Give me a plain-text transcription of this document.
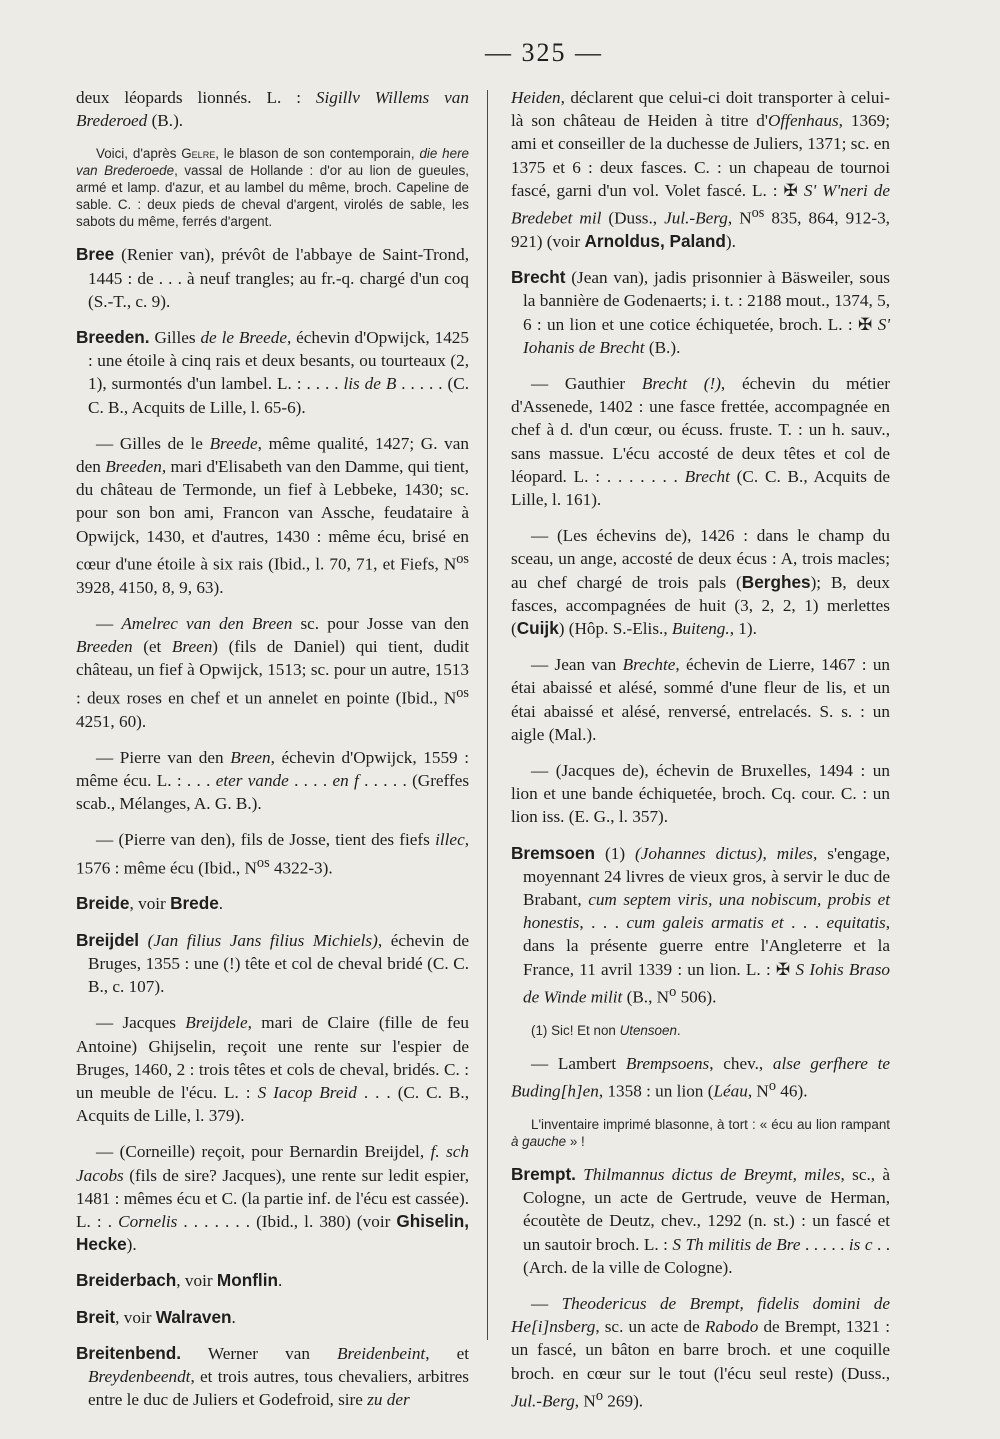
— 325 —

deux léopards lionnés. L. : Sigillv Willems van Brederoed (B.).

Voici, d'après Gelre, le blason de son contemporain, die here van Brederoede, vassal de Hollande : d'or au lion de gueules, armé et lamp. d'azur, et au lambel du même, broch. Capeline de sable. C. : deux pieds de cheval d'argent, virolés de sable, les sabots du même, ferrés d'argent.

Bree (Renier van), prévôt de l'abbaye de Saint-Trond, 1445 : de . . . à neuf trangles; au fr.-q. chargé d'un coq (S.-T., c. 9).

Breeden. Gilles de le Breede, échevin d'Opwijck, 1425 : une étoile à cinq rais et deux besants, ou tourteaux (2, 1), surmontés d'un lambel. L. : . . . . lis de B . . . . . (C. C. B., Acquits de Lille, l. 65-6).

— Gilles de le Breede, même qualité, 1427; G. van den Breeden, mari d'Elisabeth van den Damme, qui tient, du château de Termonde, un fief à Lebbeke, 1430; sc. pour son bon ami, Francon van Assche, feudataire à Opwijck, 1430, et d'autres, 1430 : même écu, brisé en cœur d'une étoile à six rais (Ibid., l. 70, 71, et Fiefs, $N^{os}$ 3928, 4150, 8, 9, 63).

— Amelrec van den Breen sc. pour Josse van den Breeden (et Breen) (fils de Daniel) qui tient, dudit château, un fief à Opwijck, 1513; sc. pour un autre, 1513 : deux roses en chef et un annelet en pointe (Ibid., $N^{os}$ 4251, 60).

— Pierre van den Breen, échevin d'Opwijck, 1559 : même écu. L. : . . . eter vande . . . . en f . . . . . (Greffes scab., Mélanges, A. G. B.).

— (Pierre van den), fils de Josse, tient des fiefs illec, 1576 : même écu (Ibid., $N^{os}$ 4322-3).

Breide, voir Brede.

Breijdel (Jan filius Jans filius Michiels), échevin de Bruges, 1355 : une (!) tête et col de cheval bridé (C. C. B., c. 107).

— Jacques Breijdele, mari de Claire (fille de feu Antoine) Ghijselin, reçoit une rente sur l'espier de Bruges, 1460, 2 : trois têtes et cols de cheval, bridés. C. : un meuble de l'écu. L. : S Iacop Breid . . . (C. C. B., Acquits de Lille, l. 379).

— (Corneille) reçoit, pour Bernardin Breijdel, f. sch Jacobs (fils de sire? Jacques), une rente sur ledit espier, 1481 : mêmes écu et C. (la partie inf. de l'écu est cassée). L. : . Cornelis . . . . . . . (Ibid., l. 380) (voir Ghiselin, Hecke).

Breiderbach, voir Monflin.

Breit, voir Walraven.

Breitenbend. Werner van Breidenbeint, et Breydenbeendt, et trois autres, tous chevaliers, arbitres entre le duc de Juliers et Godefroid, sire zu der

Heiden, déclarent que celui-ci doit transporter à celui-là son château de Heiden à titre d'Offenhaus, 1369; ami et conseiller de la duchesse de Juliers, 1371; sc. en 1375 et 6 : deux fasces. C. : un chapeau de tournoi fascé, garni d'un vol. Volet fascé. L. : ✠ S' W'neri de Bredebet mil (Duss., Jul.-Berg, $N^{os}$ 835, 864, 912-3, 921) (voir Arnoldus, Paland).

Brecht (Jean van), jadis prisonnier à Bäsweiler, sous la bannière de Godenaerts; i. t. : 2188 mout., 1374, 5, 6 : un lion et une cotice échiquetée, broch. L. : ✠ S' Iohanis de Brecht (B.).

— Gauthier Brecht (!), échevin du métier d'Assenede, 1402 : une fasce frettée, accompagnée en chef à d. d'un cœur, ou écuss. fruste. T. : un h. sauv., sans massue. L'écu accosté de deux têtes et col de léopard. L. : . . . . . . . Brecht (C. C. B., Acquits de Lille, l. 161).

— (Les échevins de), 1426 : dans le champ du sceau, un ange, accosté de deux écus : A, trois macles; au chef chargé de trois pals (Berghes); B, deux fasces, accompagnées de huit (3, 2, 2, 1) merlettes (Cuijk) (Hôp. S.-Elis., Buiteng., 1).

— Jean van Brechte, échevin de Lierre, 1467 : un étai abaissé et alésé, sommé d'une fleur de lis, et un étai abaissé et alésé, renversé, entrelacés. S. s. : un aigle (Mal.).

— (Jacques de), échevin de Bruxelles, 1494 : un lion et une bande échiquetée, broch. Cq. cour. C. : un lion iss. (E. G., l. 357).

Bremsoen (1) (Johannes dictus), miles, s'engage, moyennant 24 livres de vieux gros, à servir le duc de Brabant, cum septem viris, una nobiscum, probis et honestis, . . . cum galeis armatis et . . . equitatis, dans la présente guerre entre l'Angleterre et la France, 11 avril 1339 : un lion. L. : ✠ S Iohis Braso de Winde milit (B., $N^o$ 506).

(1) Sic! Et non Utensoen.

— Lambert Brempsoens, chev., alse gerfhere te Buding[h]en, 1358 : un lion (Léau, $N^o$ 46).

L'inventaire imprimé blasonne, à tort : « écu au lion rampant à gauche » !

Brempt. Thilmannus dictus de Breymt, miles, sc., à Cologne, un acte de Gertrude, veuve de Herman, écoutète de Deutz, chev., 1292 (n. st.) : un fascé et un sautoir broch. L. : S Th militis de Bre . . . . . is c . . (Arch. de la ville de Cologne).

— Theodericus de Brempt, fidelis domini de He[i]nsberg, sc. un acte de Rabodo de Brempt, 1321 : un fascé, un bâton en barre broch. et une coquille broch. en cœur sur le tout (l'écu seul reste) (Duss., Jul.-Berg, $N^o$ 269).
